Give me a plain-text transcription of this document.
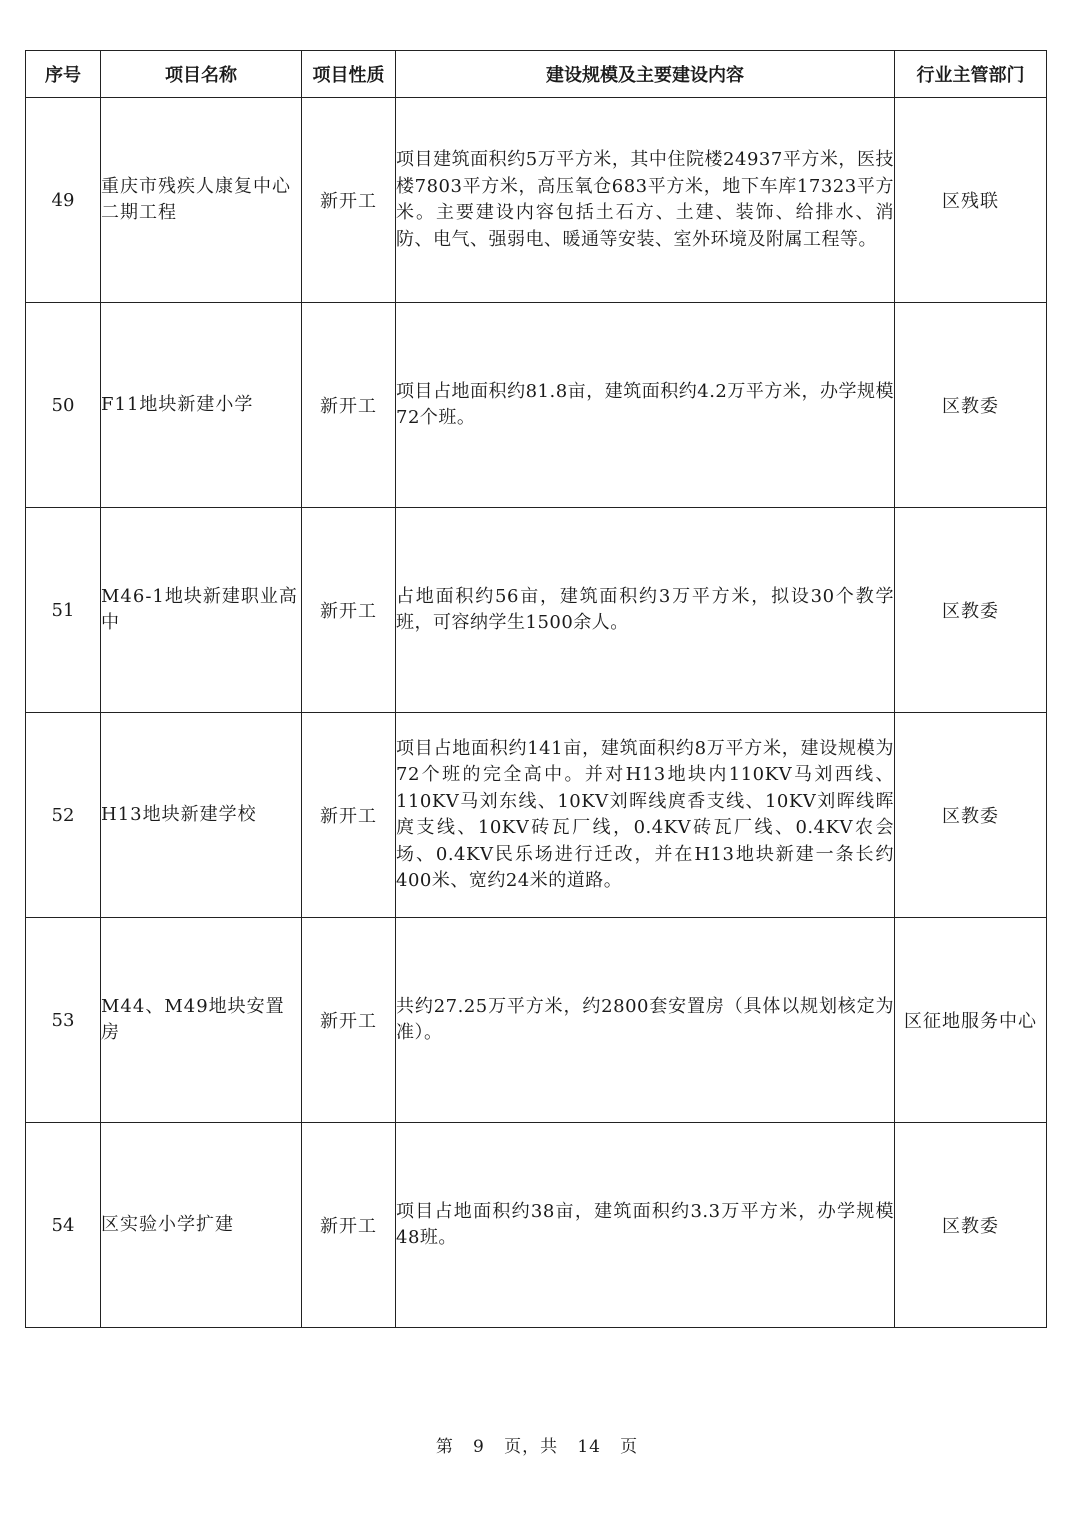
序号	项目名称	项目性质	建设规模及主要建设内容	行业主管部门
49	重庆市残疾人康复中心二期工程	新开工	项目建筑面积约5万平方米，其中住院楼24937平方米，医技楼7803平方米，高压氧仓683平方米，地下车库17323平方米。主要建设内容包括土石方、土建、装饰、给排水、消防、电气、强弱电、暖通等安装、室外环境及附属工程等。	区残联
50	F11地块新建小学	新开工	项目占地面积约81.8亩，建筑面积约4.2万平方米，办学规模72个班。	区教委
51	M46-1地块新建职业高中	新开工	占地面积约56亩，建筑面积约3万平方米，拟设30个教学班，可容纳学生1500余人。	区教委
52	H13地块新建学校	新开工	项目占地面积约141亩，建筑面积约8万平方米，建设规模为72个班的完全高中。并对H13地块内110KV马刘西线、110KV马刘东线、10KV刘晖线庹香支线、10KV刘晖线晖庹支线、10KV砖瓦厂线，0.4KV砖瓦厂线、0.4KV农会场、0.4KV民乐场进行迁改，并在H13地块新建一条长约400米、宽约24米的道路。	区教委
53	M44、M49地块安置房	新开工	共约27.25万平方米，约2800套安置房（具体以规划核定为准）。	区征地服务中心
54	区实验小学扩建	新开工	项目占地面积约38亩，建筑面积约3.3万平方米，办学规模48班。	区教委
第 9 页，共 14 页
